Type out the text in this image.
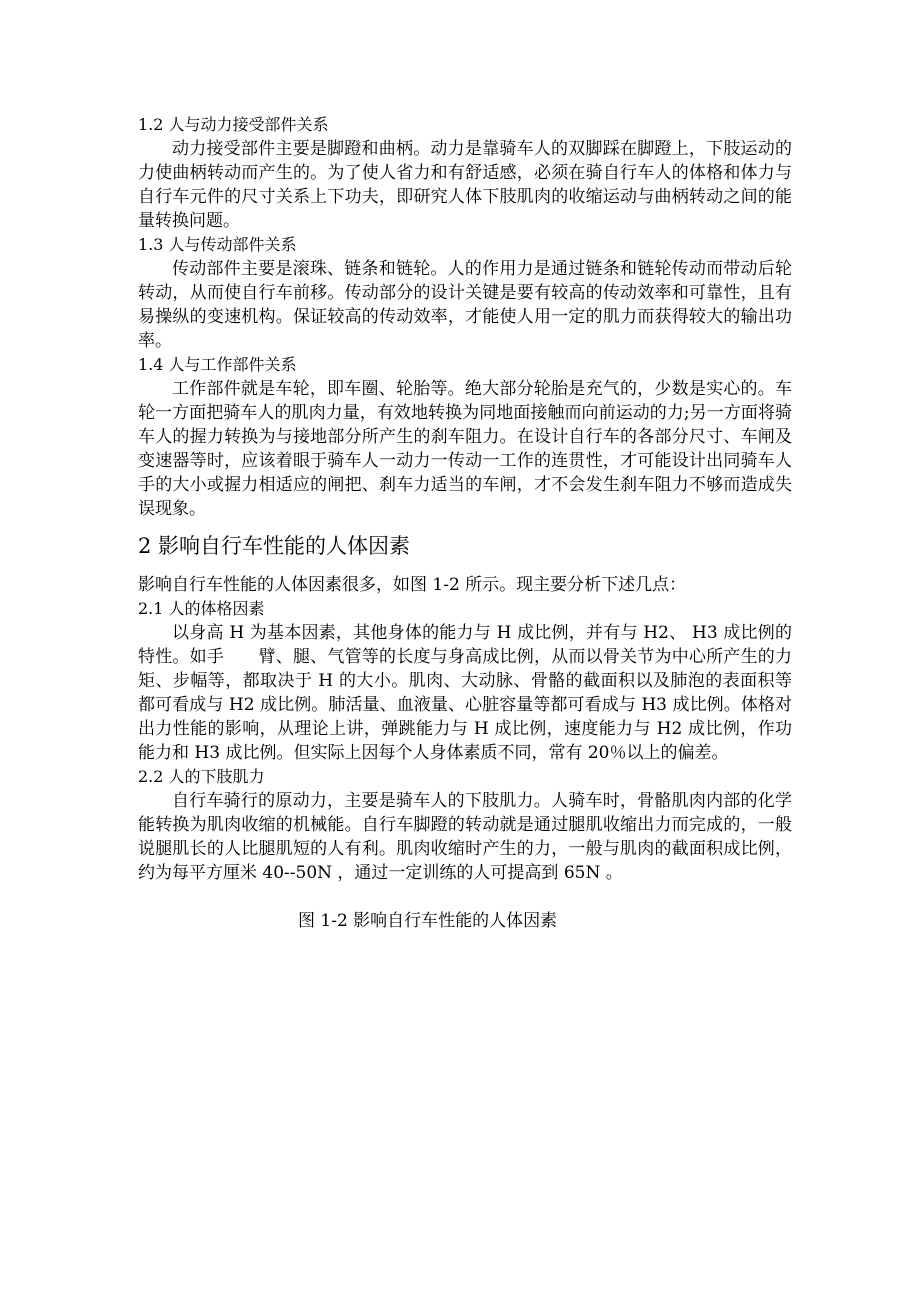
1.2 人与动力接受部件关系

动力接受部件主要是脚蹬和曲柄。动力是靠骑车人的双脚踩在脚蹬上，下肢运动的力使曲柄转动而产生的。为了使人省力和有舒适感，必须在骑自行车人的体格和体力与自行车元件的尺寸关系上下功夫，即研究人体下肢肌肉的收缩运动与曲柄转动之间的能量转换问题。

1.3 人与传动部件关系

传动部件主要是滚珠、链条和链轮。人的作用力是通过链条和链轮传动而带动后轮转动，从而使自行车前移。传动部分的设计关键是要有较高的传动效率和可靠性，且有易操纵的变速机构。保证较高的传动效率，才能使人用一定的肌力而获得较大的输出功率。

1.4 人与工作部件关系

工作部件就是车轮，即车圈、轮胎等。绝大部分轮胎是充气的，少数是实心的。车轮一方面把骑车人的肌肉力量，有效地转换为同地面接触而向前运动的力;另一方面将骑车人的握力转换为与接地部分所产生的刹车阻力。在设计自行车的各部分尺寸、车闸及变速器等时，应该着眼于骑车人一动力一传动一工作的连贯性，才可能设计出同骑车人手的大小或握力相适应的闸把、刹车力适当的车闸，才不会发生刹车阻力不够而造成失误现象。

2 影响自行车性能的人体因素

影响自行车性能的人体因素很多，如图 1-2 所示。现主要分析下述几点：

2.1 人的体格因素

以身高 H 为基本因素，其他身体的能力与 H 成比例，并有与 H2、 H3 成比例的特性。如手　　臂、腿、气管等的长度与身高成比例，从而以骨关节为中心所产生的力矩、步幅等，都取决于 H 的大小。肌肉、大动脉、骨骼的截面积以及肺泡的表面积等都可看成与 H2 成比例。肺活量、血液量、心脏容量等都可看成与 H3 成比例。体格对出力性能的影响，从理论上讲，弹跳能力与 H 成比例，速度能力与 H2 成比例，作功能力和 H3 成比例。但实际上因每个人身体素质不同，常有 20％以上的偏差。

2.2 人的下肢肌力

自行车骑行的原动力，主要是骑车人的下肢肌力。人骑车时，骨骼肌肉内部的化学能转换为肌肉收缩的机械能。自行车脚蹬的转动就是通过腿肌收缩出力而完成的，一般说腿肌长的人比腿肌短的人有利。肌肉收缩时产生的力，一般与肌肉的截面积成比例，约为每平方厘米 40--50N ，通过一定训练的人可提高到 65N 。

图 1-2 影响自行车性能的人体因素
